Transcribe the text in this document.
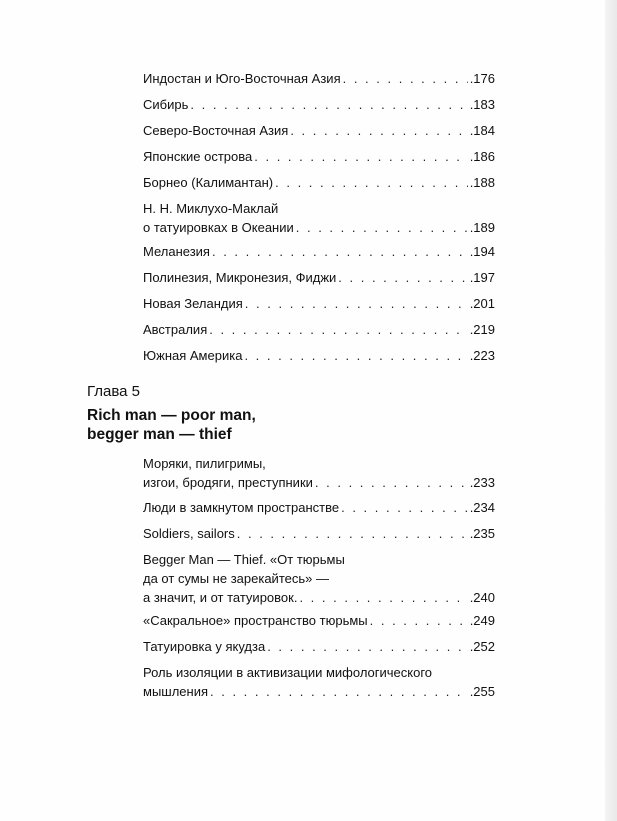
Индостан и Юго-Восточная Азия . . .	.176
Сибирь . . .	.183
Северо-Восточная Азия . . .	.184
Японские острова . . .	.186
Борнео (Калимантан) . . .	.188
Н. Н. Миклухо-Маклай
о татуировках в Океании . . .	.189
Меланезия . . .	.194
Полинезия, Микронезия, Фиджи . . .	.197
Новая Зеландия . . .	.201
Австралия . . .	.219
Южная Америка . . .	.223
Глава 5
Rich man — poor man,
begger man — thief
Моряки, пилигримы,
изгои, бродяги, преступники . . .	.233
Люди в замкнутом пространстве . . .	.234
Soldiers, sailors . . .	.235
Begger Man — Thief. «От тюрьмы
да от сумы не зарекайтесь» —
а значит, и от татуировок. . . .	.240
«Сакральное» пространство тюрьмы . . .	.249
Татуировка у якудза . . .	.252
Роль изоляции в активизации мифологического
мышления . . .	.255
